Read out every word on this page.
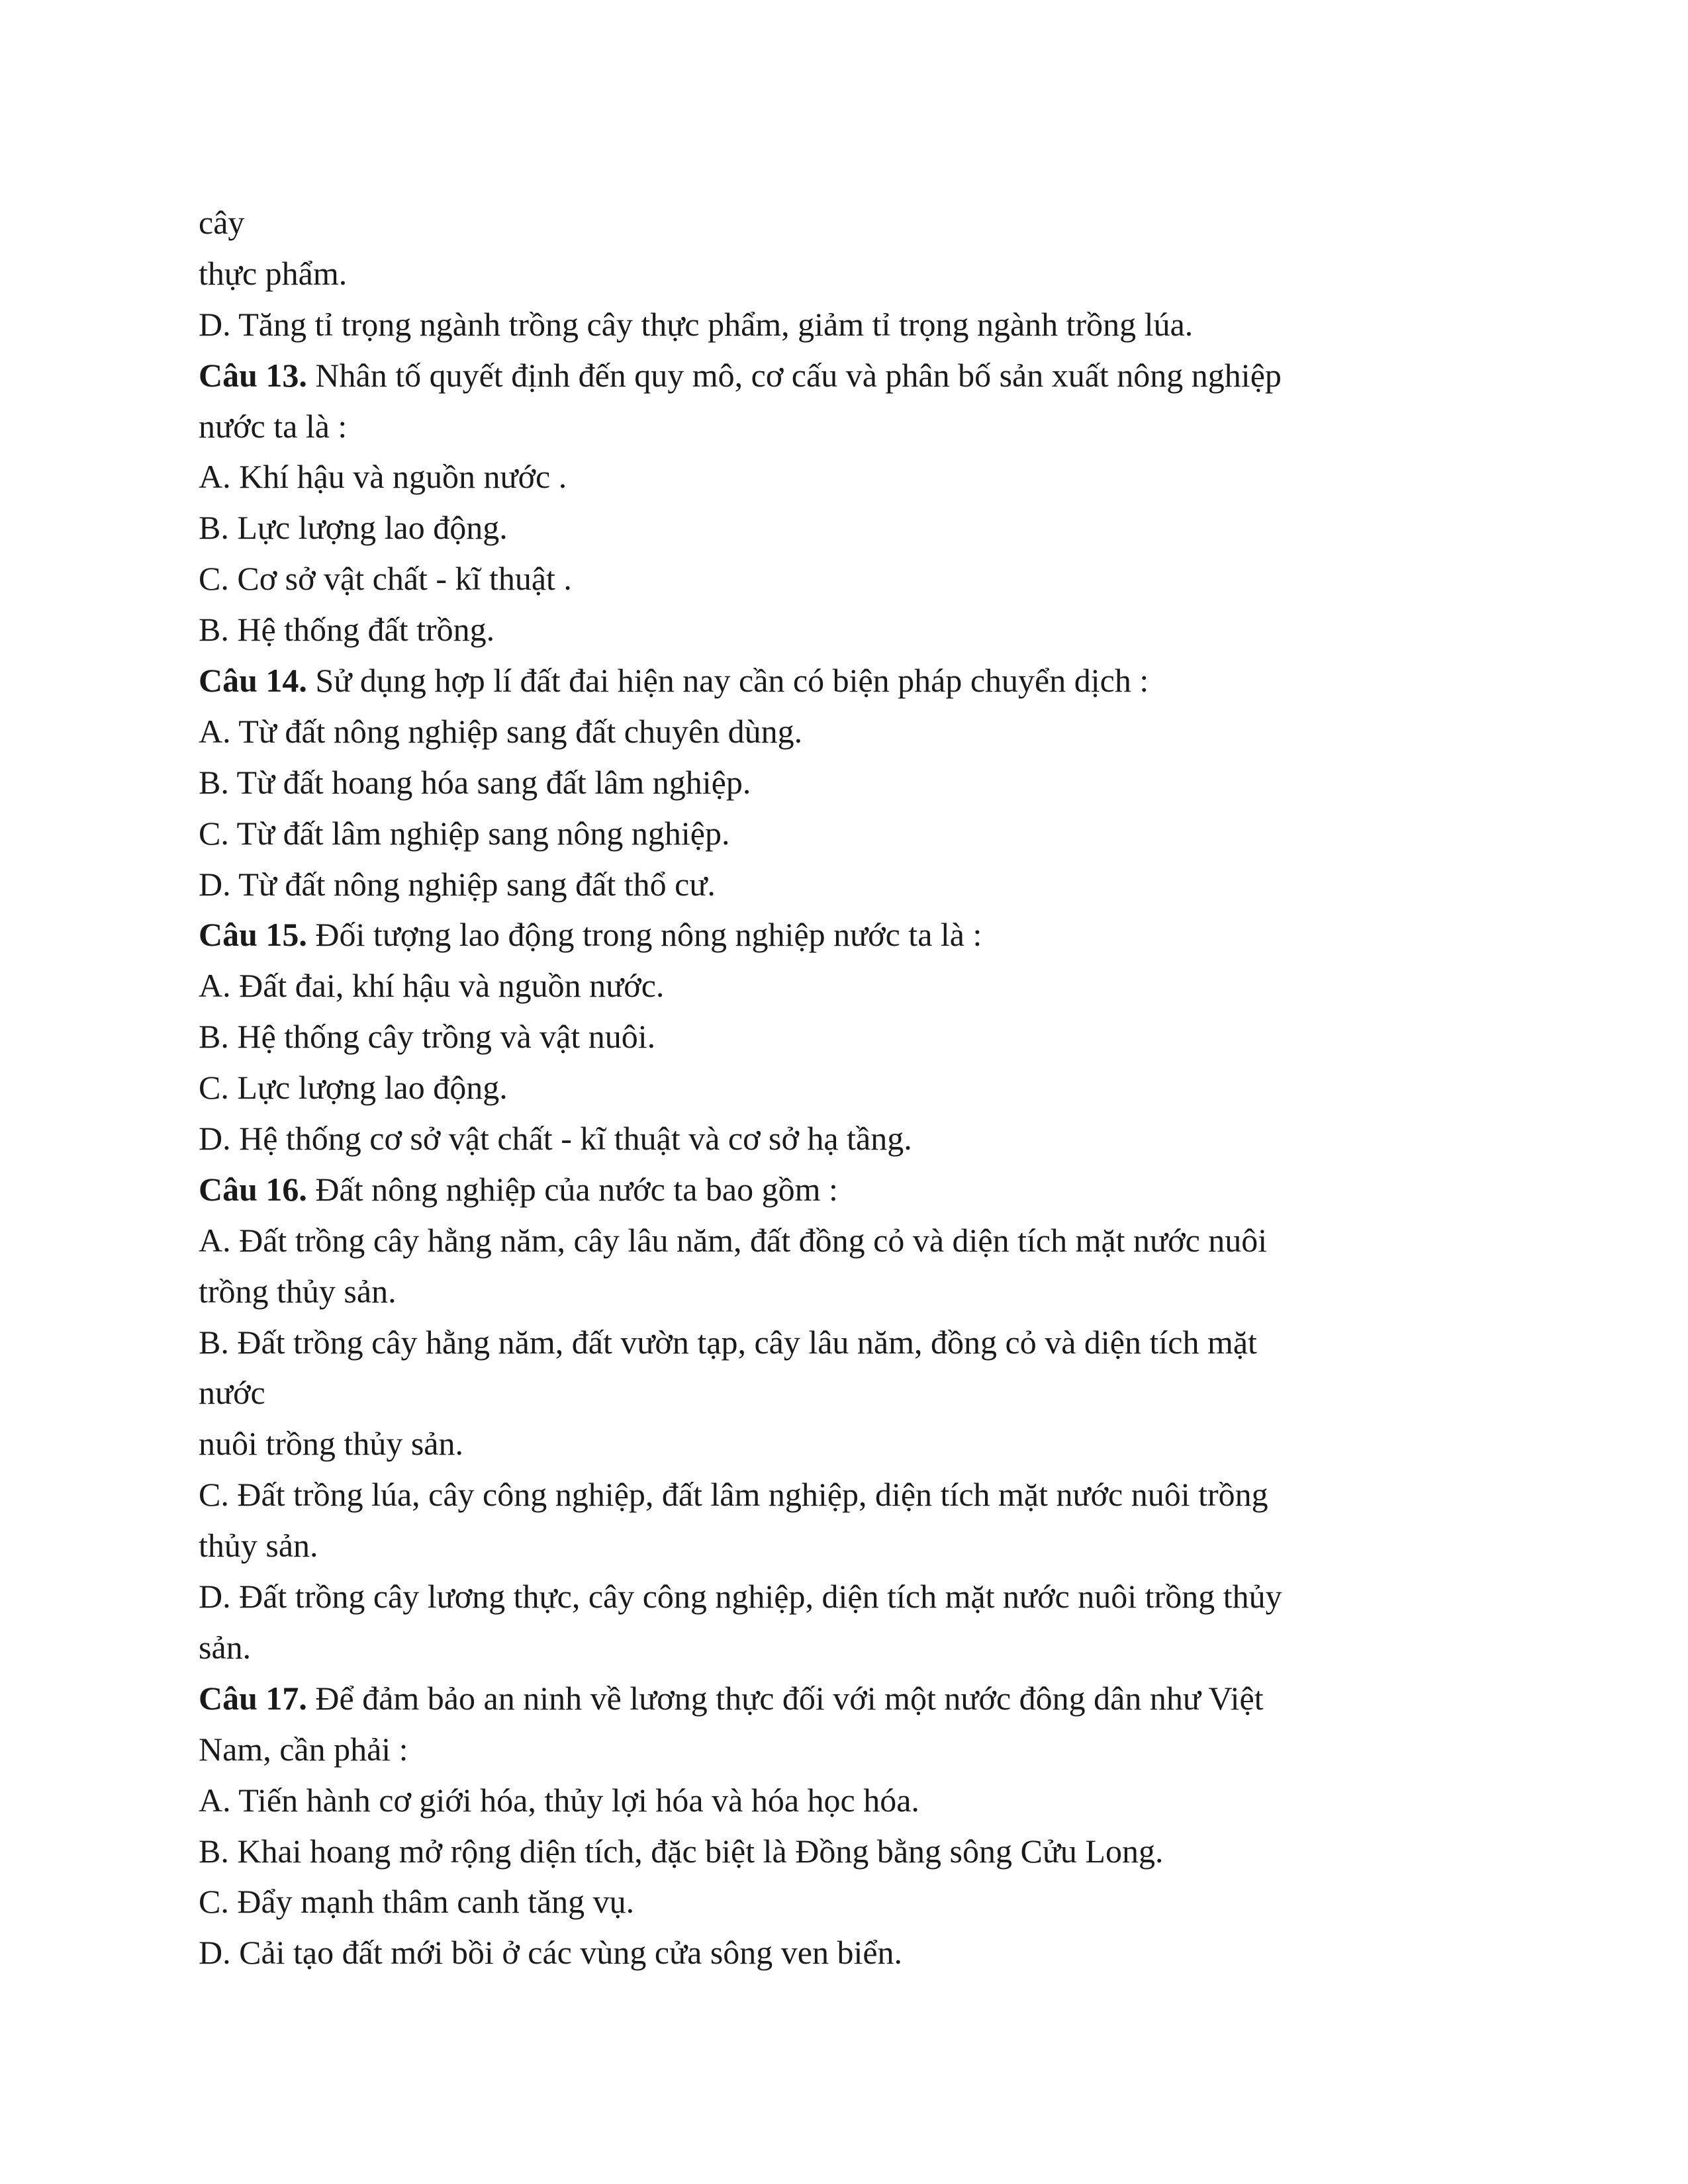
cây
thực phẩm.
D. Tăng tỉ trọng ngành trồng cây thực phẩm, giảm tỉ trọng ngành trồng lúa.
Câu 13. Nhân tố quyết định đến quy mô, cơ cấu và phân bố sản xuất nông nghiệp
nước ta là :
A. Khí hậu và nguồn nước .
B. Lực lượng lao động.
C. Cơ sở vật chất - kĩ thuật .
B. Hệ thống đất trồng.
Câu 14. Sử dụng hợp lí đất đai hiện nay cần có biện pháp chuyển dịch :
A. Từ đất nông nghiệp sang đất chuyên dùng.
B. Từ đất hoang hóa sang đất lâm nghiệp.
C. Từ đất lâm nghiệp sang nông nghiệp.
D. Từ đất nông nghiệp sang đất thổ cư.
Câu 15. Đối tượng lao động trong nông nghiệp nước ta là :
A. Đất đai, khí hậu và nguồn nước.
B. Hệ thống cây trồng và vật nuôi.
C. Lực lượng lao động.
D. Hệ thống cơ sở vật chất - kĩ thuật và cơ sở hạ tầng.
Câu 16. Đất nông nghiệp của nước ta bao gồm :
A. Đất trồng cây hằng năm, cây lâu năm, đất đồng cỏ và diện tích mặt nước nuôi
trồng thủy sản.
B. Đất trồng cây hằng năm, đất vườn tạp, cây lâu năm, đồng cỏ và diện tích mặt
nước
nuôi trồng thủy sản.
C. Đất trồng lúa, cây công nghiệp, đất lâm nghiệp, diện tích mặt nước nuôi trồng
thủy sản.
D. Đất trồng cây lương thực, cây công nghiệp, diện tích mặt nước nuôi trồng thủy
sản.
Câu 17. Để đảm bảo an ninh về lương thực đối với một nước đông dân như Việt
Nam, cần phải :
A. Tiến hành cơ giới hóa, thủy lợi hóa và hóa học hóa.
B. Khai hoang mở rộng diện tích, đặc biệt là Đồng bằng sông Cửu Long.
C. Đẩy mạnh thâm canh tăng vụ.
D. Cải tạo đất mới bồi ở các vùng cửa sông ven biển.
